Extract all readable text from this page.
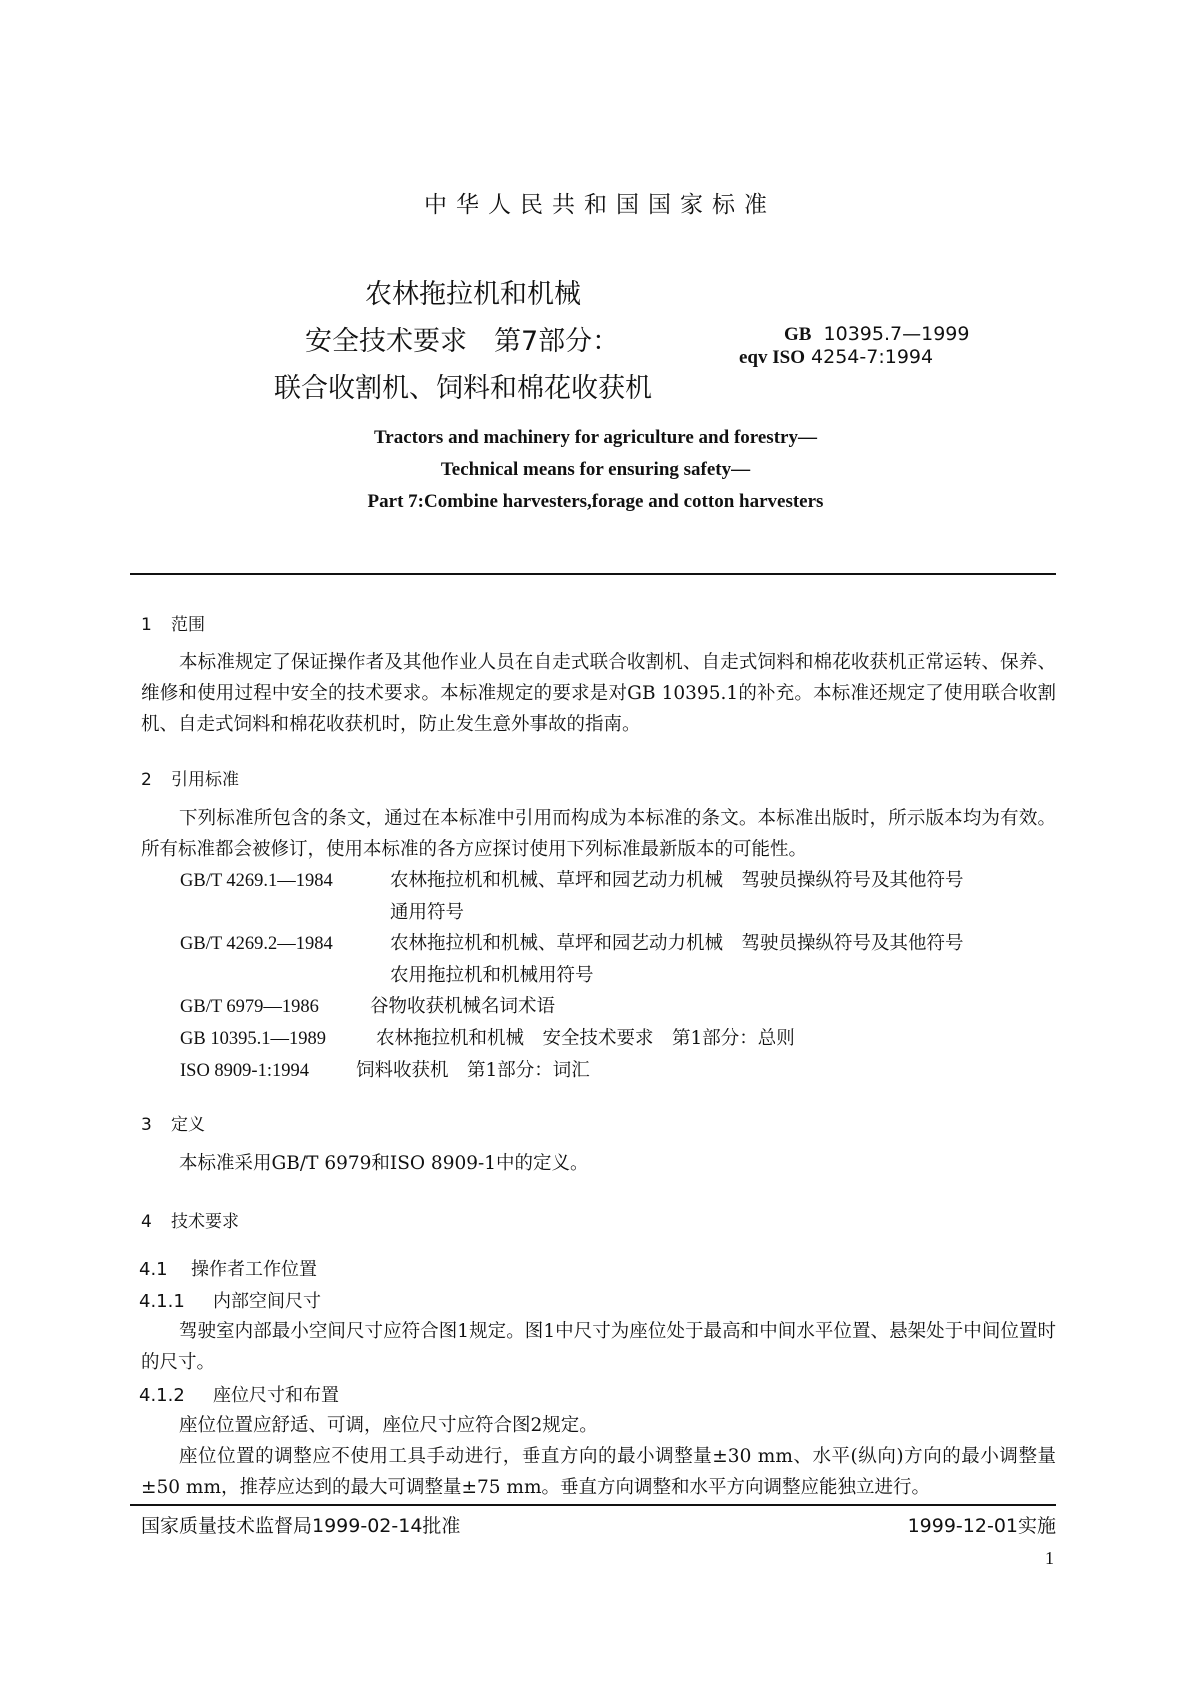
中华人民共和国国家标准
农林拖拉机和机械
安全技术要求　第7部分：
联合收割机、饲料和棉花收获机
GB 10395.7—1999
eqv ISO 4254-7:1994
Tractors and machinery for agriculture and forestry—
Technical means for ensuring safety—
Part 7:Combine harvesters,forage and cotton harvesters
1 范围

本标准规定了保证操作者及其他作业人员在自走式联合收割机、自走式饲料和棉花收获机正常运转、保养、维修和使用过程中安全的技术要求。本标准规定的要求是对GB 10395.1的补充。本标准还规定了使用联合收割机、自走式饲料和棉花收获机时，防止发生意外事故的指南。

2 引用标准

下列标准所包含的条文，通过在本标准中引用而构成为本标准的条文。本标准出版时，所示版本均为有效。所有标准都会被修订，使用本标准的各方应探讨使用下列标准最新版本的可能性。

GB/T 4269.1—1984	农林拖拉机和机械、草坪和园艺动力机械　驾驶员操纵符号及其他符号
通用符号
GB/T 4269.2—1984	农林拖拉机和机械、草坪和园艺动力机械　驾驶员操纵符号及其他符号
农用拖拉机和机械用符号
GB/T 6979—1986	谷物收获机械名词术语
GB 10395.1—1989	农林拖拉机和机械　安全技术要求　第1部分：总则
ISO 8909-1:1994	饲料收获机　第1部分：词汇
3 定义

本标准采用GB/T 6979和ISO 8909-1中的定义。

4 技术要求
4.1 操作者工作位置
4.1.1 内部空间尺寸

驾驶室内部最小空间尺寸应符合图1规定。图1中尺寸为座位处于最高和中间水平位置、悬架处于中间位置时的尺寸。

4.1.2 座位尺寸和布置

座位位置应舒适、可调，座位尺寸应符合图2规定。

座位位置的调整应不使用工具手动进行，垂直方向的最小调整量±30 mm、水平(纵向)方向的最小调整量±50 mm，推荐应达到的最大可调整量±75 mm。垂直方向调整和水平方向调整应能独立进行。

国家质量技术监督局1999-02-14批准	1999-12-01实施
1
